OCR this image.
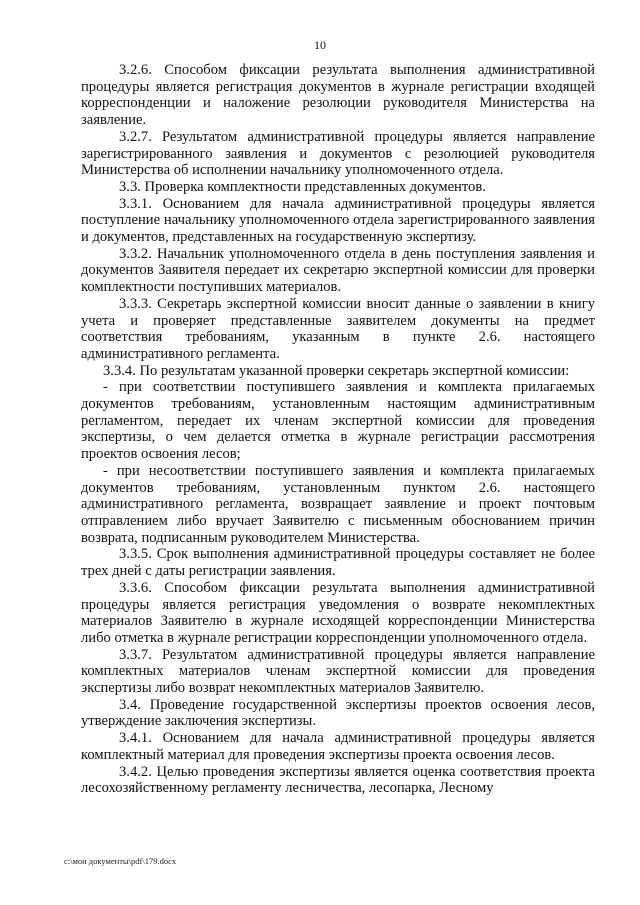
10

3.2.6. Способом фиксации результата выполнения административной процедуры является регистрация документов в журнале регистрации входящей корреспонденции и наложение резолюции руководителя Министерства на заявление.

3.2.7. Результатом административной процедуры является направление зарегистрированного заявления и документов с резолюцией руководителя Министерства об исполнении начальнику уполномоченного отдела.

3.3. Проверка комплектности представленных документов.

3.3.1. Основанием для начала административной процедуры является поступление начальнику уполномоченного отдела зарегистрированного заявления и документов, представленных на государственную экспертизу.

3.3.2. Начальник уполномоченного отдела в день поступления заявления и документов Заявителя передает их секретарю экспертной комиссии для проверки комплектности поступивших материалов.

3.3.3. Секретарь экспертной комиссии вносит данные о заявлении в книгу учета и проверяет представленные заявителем документы на предмет соответствия требованиям, указанным в пункте 2.6. настоящего административного регламента.

3.3.4. По результатам указанной проверки секретарь экспертной комиссии:

- при соответствии поступившего заявления и комплекта прилагаемых документов требованиям, установленным настоящим административным регламентом, передает их членам экспертной комиссии для проведения экспертизы, о чем делается отметка в журнале регистрации рассмотрения проектов освоения лесов;

- при несоответствии поступившего заявления и комплекта прилагаемых документов требованиям, установленным пунктом 2.6. настоящего административного регламента, возвращает заявление и проект почтовым отправлением либо вручает Заявителю с письменным обоснованием причин возврата, подписанным руководителем Министерства.

3.3.5. Срок выполнения административной процедуры составляет не более трех дней с даты регистрации заявления.

3.3.6. Способом фиксации результата выполнения административной процедуры является регистрация уведомления о возврате некомплектных материалов Заявителю в журнале исходящей корреспонденции Министерства либо отметка в журнале регистрации корреспонденции уполномоченного отдела.

3.3.7. Результатом административной процедуры является направление комплектных материалов членам экспертной комиссии для проведения экспертизы либо возврат некомплектных материалов Заявителю.

3.4. Проведение государственной экспертизы проектов освоения лесов, утверждение заключения экспертизы.

3.4.1. Основанием для начала административной процедуры является комплектный материал для проведения экспертизы проекта освоения лесов.

3.4.2. Целью проведения экспертизы является оценка соответствия проекта лесохозяйственному регламенту лесничества, лесопарка, Лесному

c:\мои документы\pdf\179.docx
